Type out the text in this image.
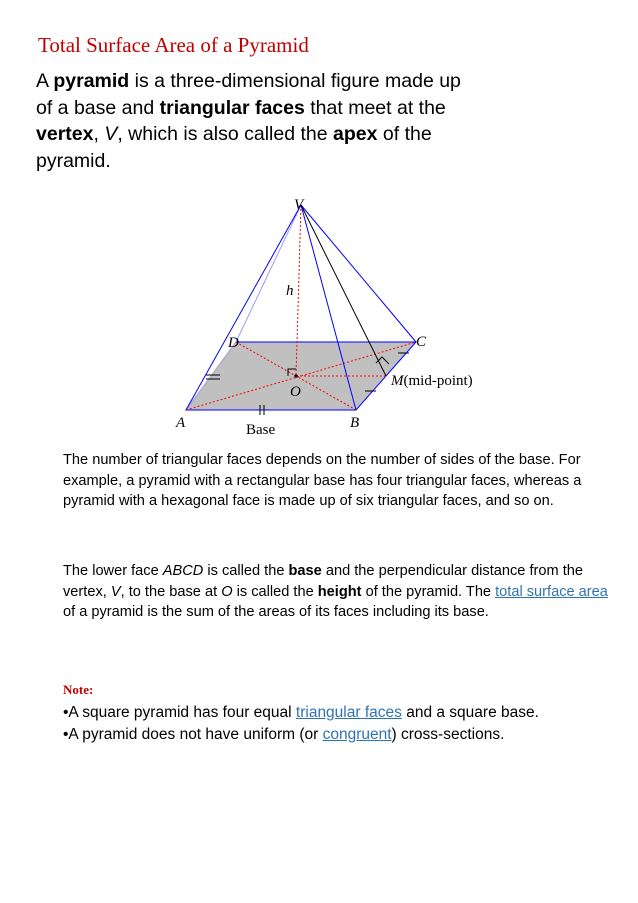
Total Surface Area of a Pyramid

A pyramid is a three-dimensional figure made up of a base and triangular faces that meet at the vertex, V, which is also called the apex of the pyramid.

V
h
D	C
O
M(mid-point)
A	B
Base

The number of triangular faces depends on the number of sides of the base. For example, a pyramid with a rectangular base has four triangular faces, whereas a pyramid with a hexagonal face is made up of six triangular faces, and so on.

The lower face ABCD is called the base and the perpendicular distance from the vertex, V, to the base at O is called the height of the pyramid. The total surface area of a pyramid is the sum of the areas of its faces including its base.

Note:
•A square pyramid has four equal triangular faces and a square base.
•A pyramid does not have uniform (or congruent) cross-sections.
